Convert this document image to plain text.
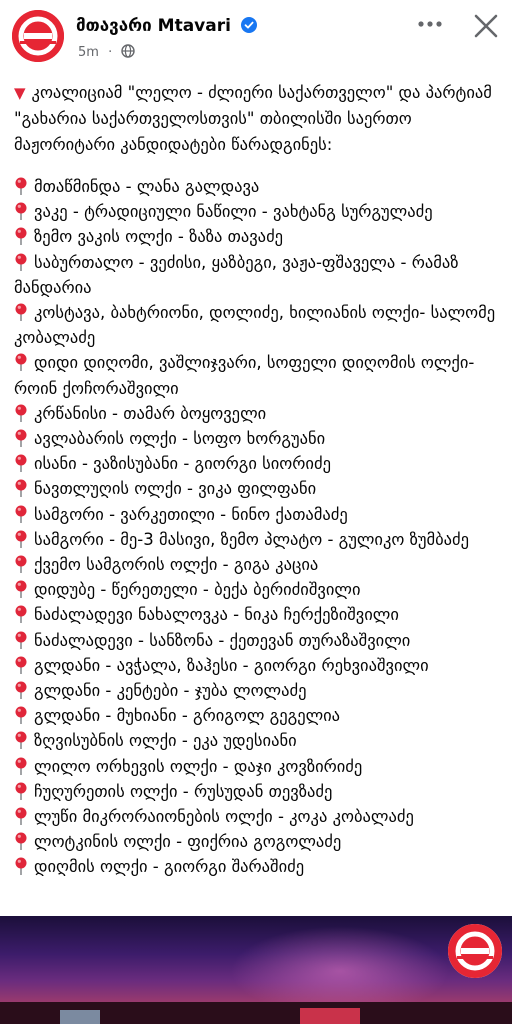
მთავარი Mtavari
5m ·

▼ კოალიციამ "ლელო - ძლიერი საქართველო" და პარტიამ "გახარია საქართველოსთვის" თბილისში საერთო მაჟორიტარი კანდიდატები წარადგინეს:

მთაწმინდა - ლანა გალდავა
ვაკე - ტრადიციული ნაწილი - ვახტანგ სურგულაძე
ზემო ვაკის ოლქი - ზაზა თავაძე
საბურთალო - ვეძისი, ყაზბეგი, ვაჟა-ფშაველა - რამაზ მანდარია
კოსტავა, ბახტრიონი, დოლიძე, ხილიანის ოლქი- სალომე კობალაძე
დიდი დიღომი, ვაშლიჯვარი, სოფელი დიღომის ოლქი- როინ ქოჩორაშვილი
კრწანისი - თამარ ბოყოველი
ავლაბარის ოლქი - სოფო ხორგუანი
ისანი - ვაზისუბანი - გიორგი სიორიძე
ნავთლუღის ოლქი - ვიკა ფილფანი
სამგორი - ვარკეთილი - ნინო ქათამაძე
სამგორი - მე-3 მასივი, ზემო პლატო - გულიკო ზუმბაძე
ქვემო სამგორის ოლქი - გიგა კაცია
დიდუბე - წერეთელი - ბექა ბერიძიშვილი
ნაძალადევი ნახალოვკა - ნიკა ჩერქეზიშვილი
ნაძალადევი - სანზონა - ქეთევან თურაზაშვილი
გლდანი - ავჭალა, ზაჰესი - გიორგი რეხვიაშვილი
გლდანი - კენტები - ჯუბა ლოლაძე
გლდანი - მუხიანი - გრიგოლ გეგელია
ზღვისუბნის ოლქი - ეკა უდესიანი
ლილო ორხევის ოლქი - დაჯი კოვზირიძე
ჩუღურეთის ოლქი - რუსუდან თევზაძე
ლუწი მიკრორაიონების ოლქი - კოკა კობალაძე
ლოტკინის ოლქი - ფიქრია გოგოლაძე
დიღმის ოლქი - გიორგი შარაშიძე
